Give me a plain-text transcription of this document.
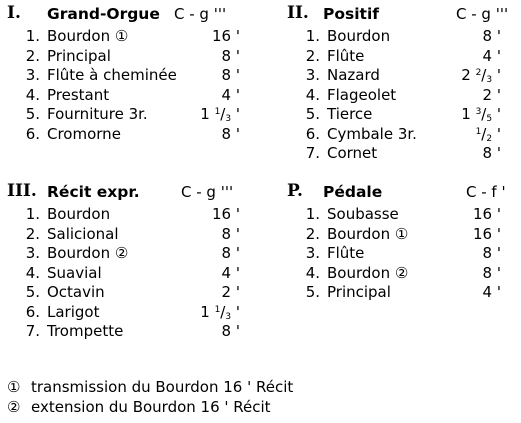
I. Grand-Orgue C - g '''
1. Bourdon ①	16 '
2. Principal	8 '
3. Flûte à cheminée	8 '
4. Prestant	4 '
5. Fourniture 3r.	1 $^1/_3$ '
6. Cromorne	8 '
II. Positif	C - g '''
1. Bourdon	8 '
2. Flûte	4 '
3. Nazard	2 $^2/_3$ '
4. Flageolet	2 '
5. Tierce	1 $^3/_5$ '
6. Cymbale 3r.	$^1/_2$ '
7. Cornet	8 '
III. Récit expr.	C - g '''
1. Bourdon	16 '
2. Salicional	8 '
3. Bourdon ②	8 '
4. Suavial	4 '
5. Octavin	2 '
6. Larigot	1 $^1/_3$ '
7. Trompette	8 '
P. Pédale	C - f '
1. Soubasse	16 '
2. Bourdon ①	16 '
3. Flûte	8 '
4. Bourdon ②	8 '
5. Principal	4 '
① transmission du Bourdon 16 ' Récit
② extension du Bourdon 16 ' Récit
